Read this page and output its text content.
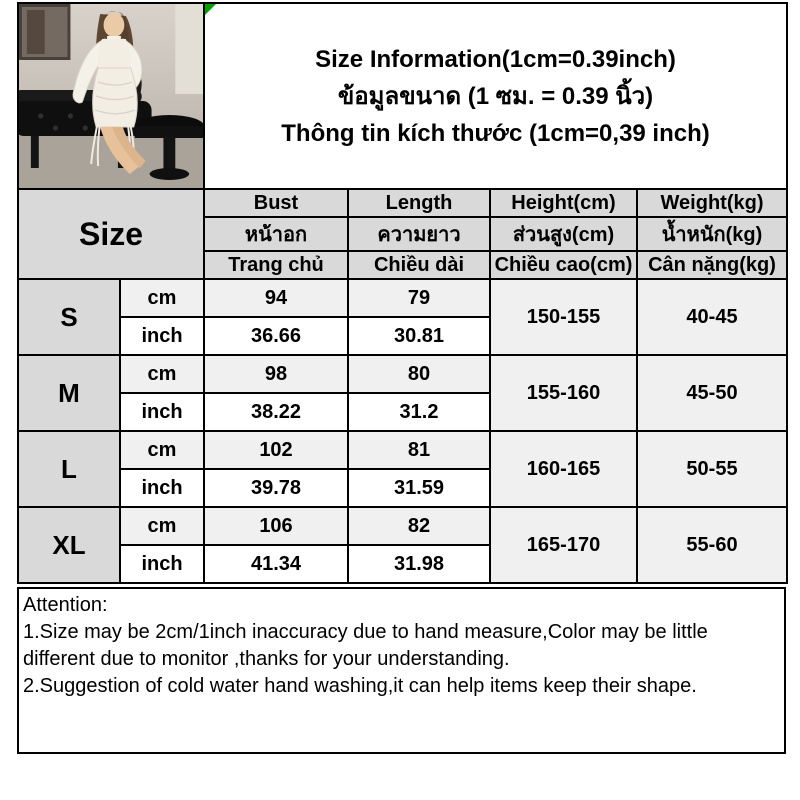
Size Information(1cm=0.39inch)
ข้อมูลขนาด (1 ซม. = 0.39 นิ้ว)
Thông tin kích thước (1cm=0,39 inch)			

Size		Bust	Length	Height(cm)	Weight(kg)
		หน้าอก	ความยาว	ส่วนสูง(cm)	น้ำหนัก(kg)
		Trang chủ	Chiều dài	Chiều cao(cm)	Cân nặng(kg)
S	cm	94	79	150-155	40-45
	inch	36.66	30.81		
M	cm	98	80	155-160	45-50
	inch	38.22	31.2		
L	cm	102	81	160-165	50-55
	inch	39.78	31.59		
XL	cm	106	82	165-170	55-60
	inch	41.34	31.98		
Attention:
1.Size may be 2cm/1inch inaccuracy due to hand measure,Color may be little different due to monitor ,thanks for your understanding.
2.Suggestion of cold water hand washing,it can help items keep their shape.
